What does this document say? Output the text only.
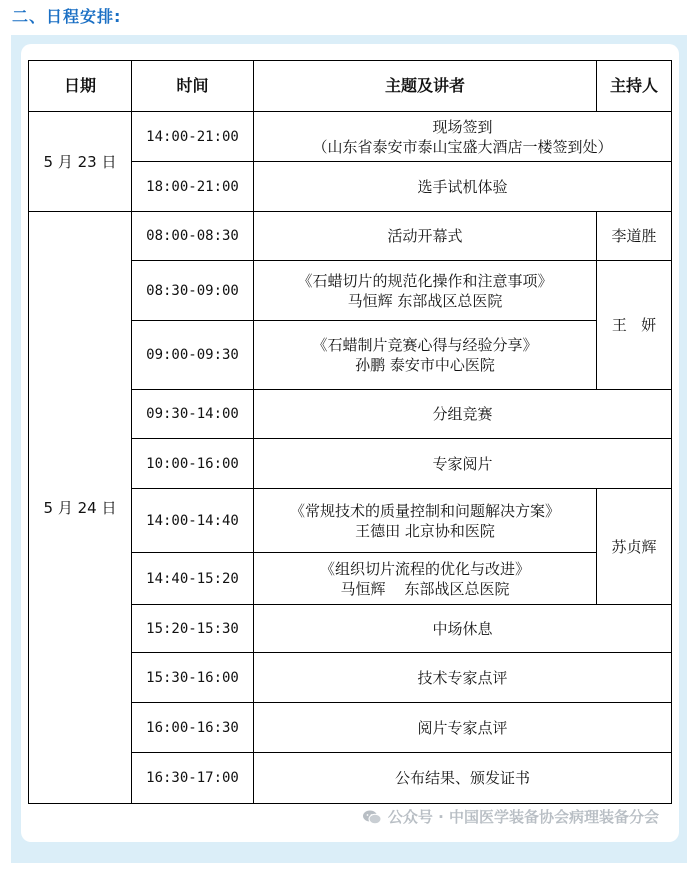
二、日程安排:
日期	时间	主题及讲者	主持人
5 月 23 日	14:00-21:00	现场签到
（山东省泰安市泰山宝盛大酒店一楼签到处）	

	18:00-21:00	选手试机体验	
5 月 24 日	08:00-08:30	活动开幕式	李道胜
	08:30-09:00	《石蜡切片的规范化操作和注意事项》
马恒辉 东部战区总医院	王   妍
	09:00-09:30	《石蜡制片竞赛心得与经验分享》
孙鹏 泰安市中心医院	

	09:30-14:00	分组竞赛	
	10:00-16:00	专家阅片	
	14:00-14:40	《常规技术的质量控制和问题解决方案》
王德田 北京协和医院	苏贞辉
	14:40-15:20	《组织切片流程的优化与改进》
马恒辉    东部战区总医院	

	15:20-15:30	中场休息	
	15:30-16:00	技术专家点评	
	16:00-16:30	阅片专家点评	
	16:30-17:00	公布结果、颁发证书	
公众号 · 中国医学装备协会病理装备分会
